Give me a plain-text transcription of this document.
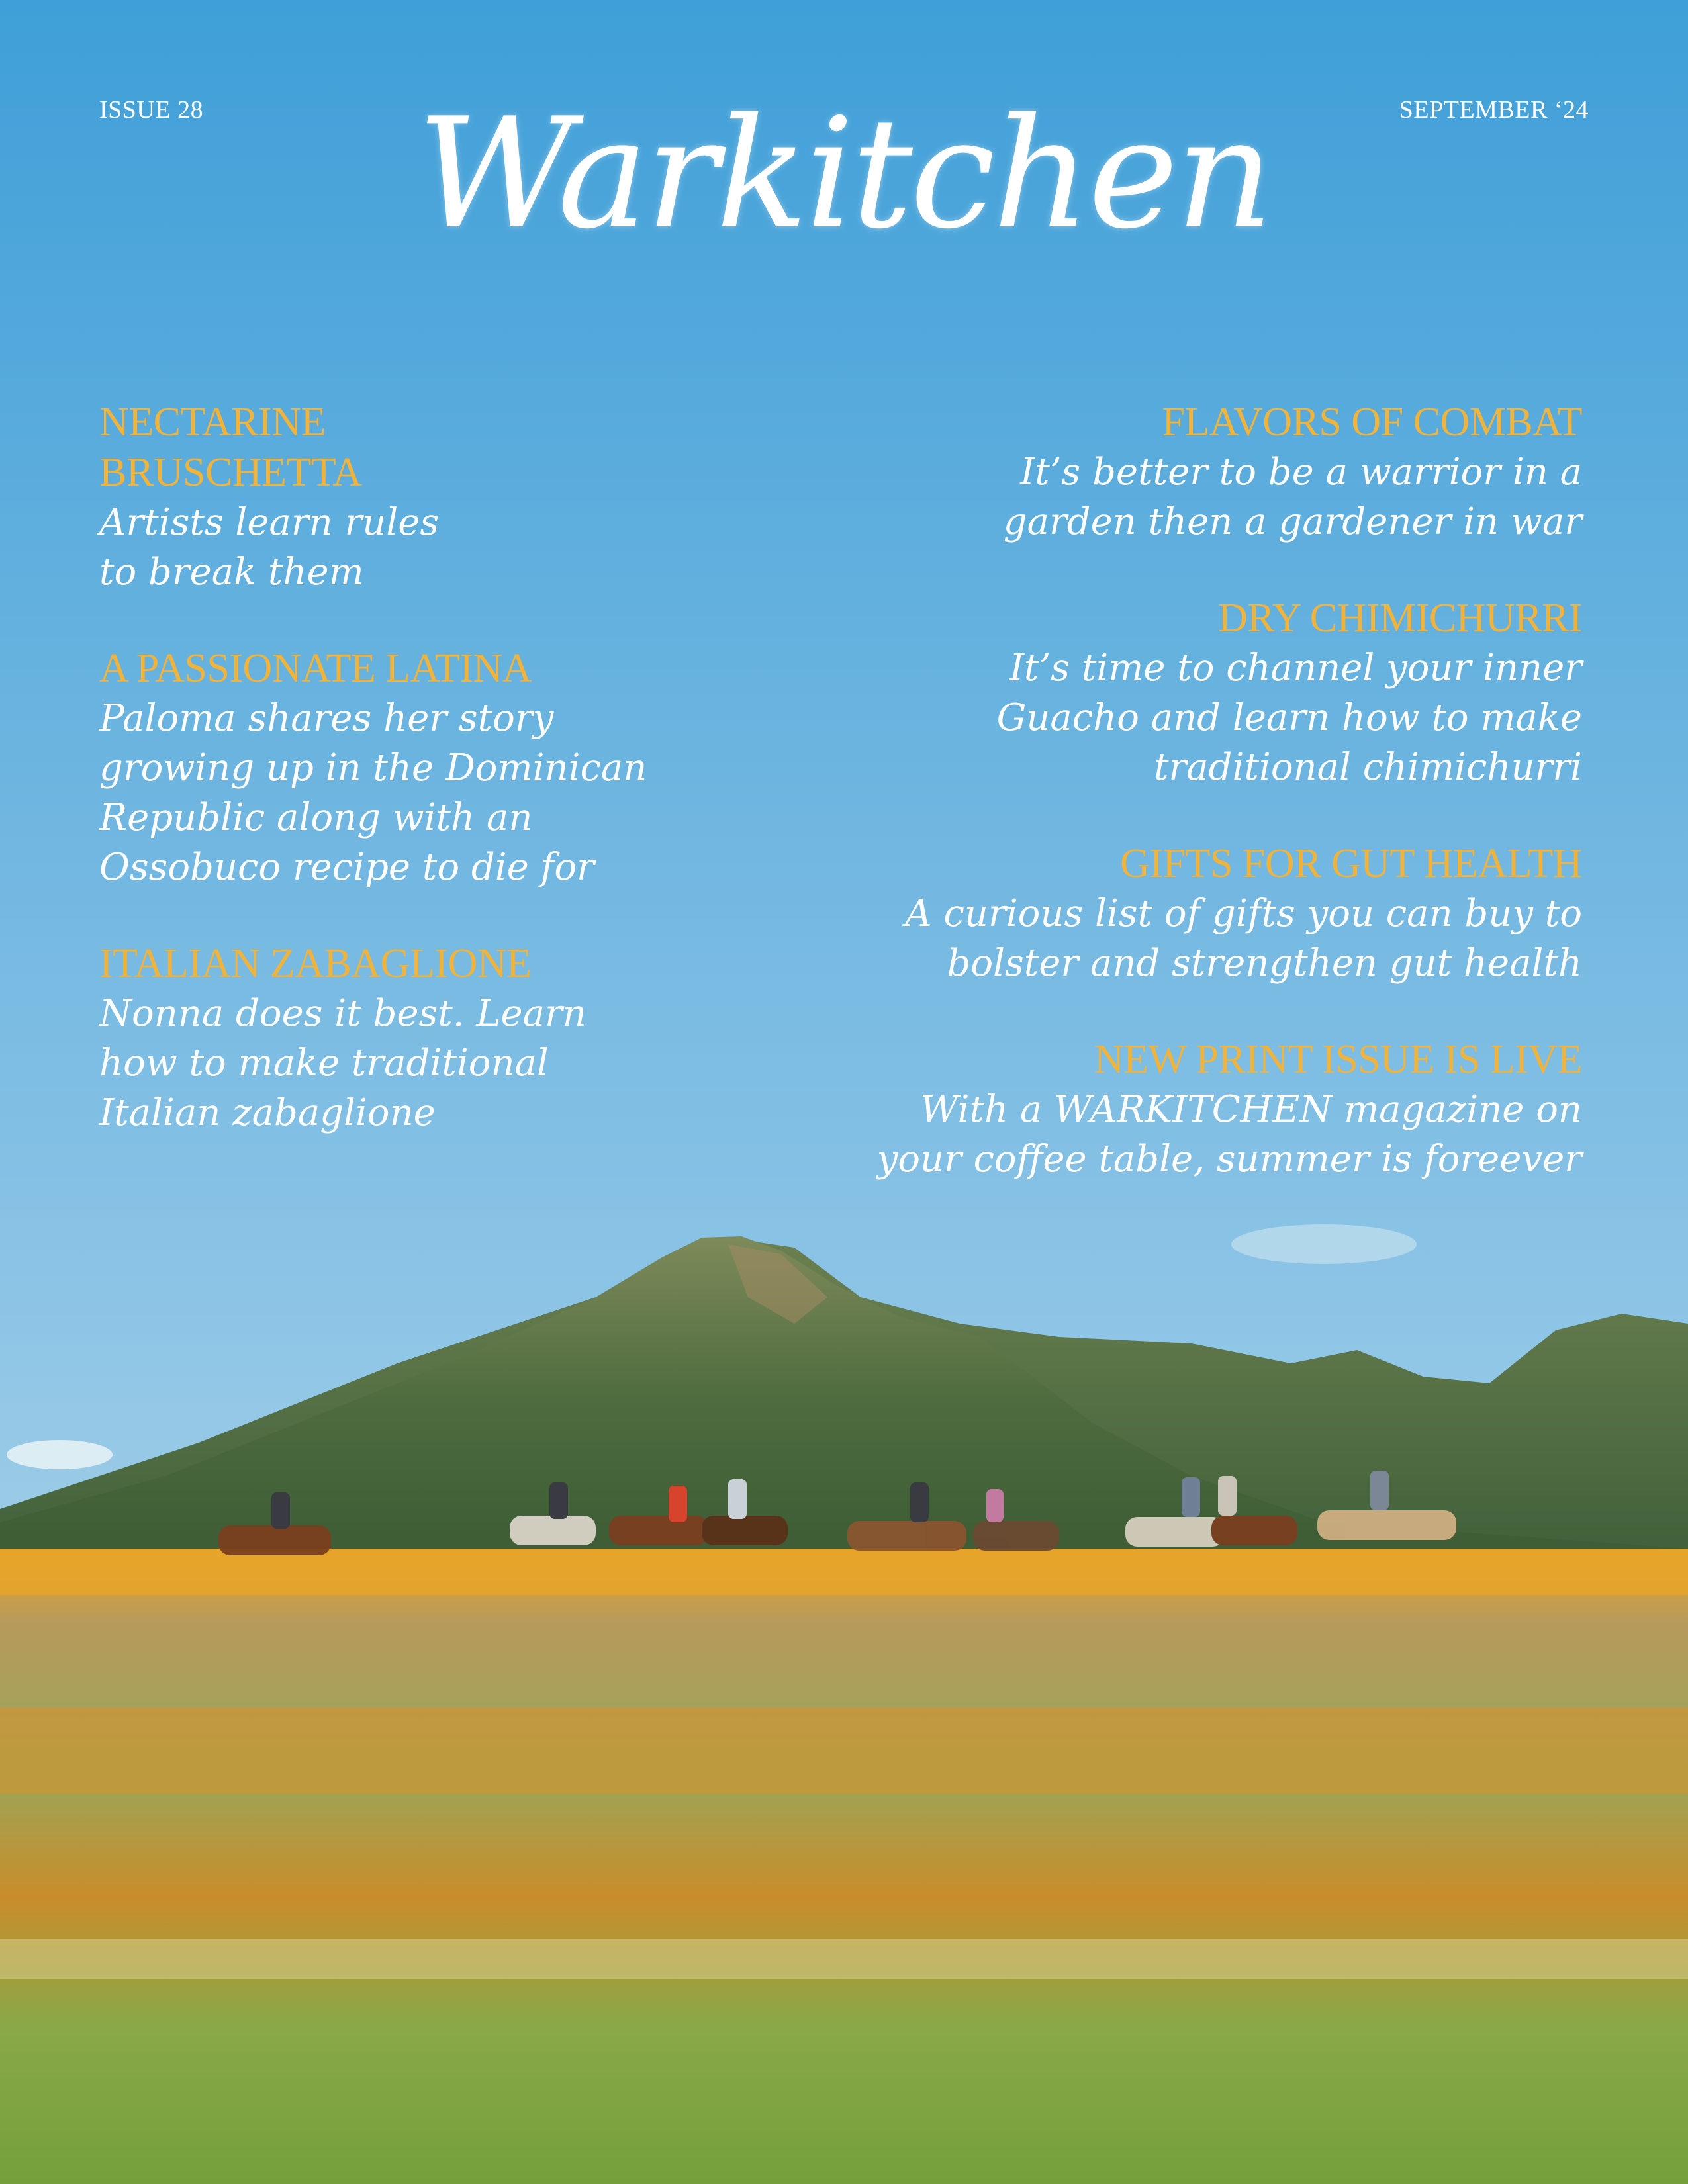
ISSUE 28	SEPTEMBER ‘24
Warkitchen
NECTARINE BRUSCHETTA
Artists learn rules
to break them
A PASSIONATE LATINA
Paloma shares her story
growing up in the Dominican
Republic along with an
Ossobuco recipe to die for
ITALIAN ZABAGLIONE
Nonna does it best. Learn
how to make traditional
Italian zabaglione
FLAVORS OF COMBAT
It’s better to be a warrior in a
garden then a gardener in war
DRY CHIMICHURRI
It’s time to channel your inner
Guacho and learn how to make
traditional chimichurri
GIFTS FOR GUT HEALTH
A curious list of gifts you can buy to
bolster and strengthen gut health
NEW PRINT ISSUE IS LIVE
With a WARKITCHEN magazine on
your coffee table, summer is foreever
